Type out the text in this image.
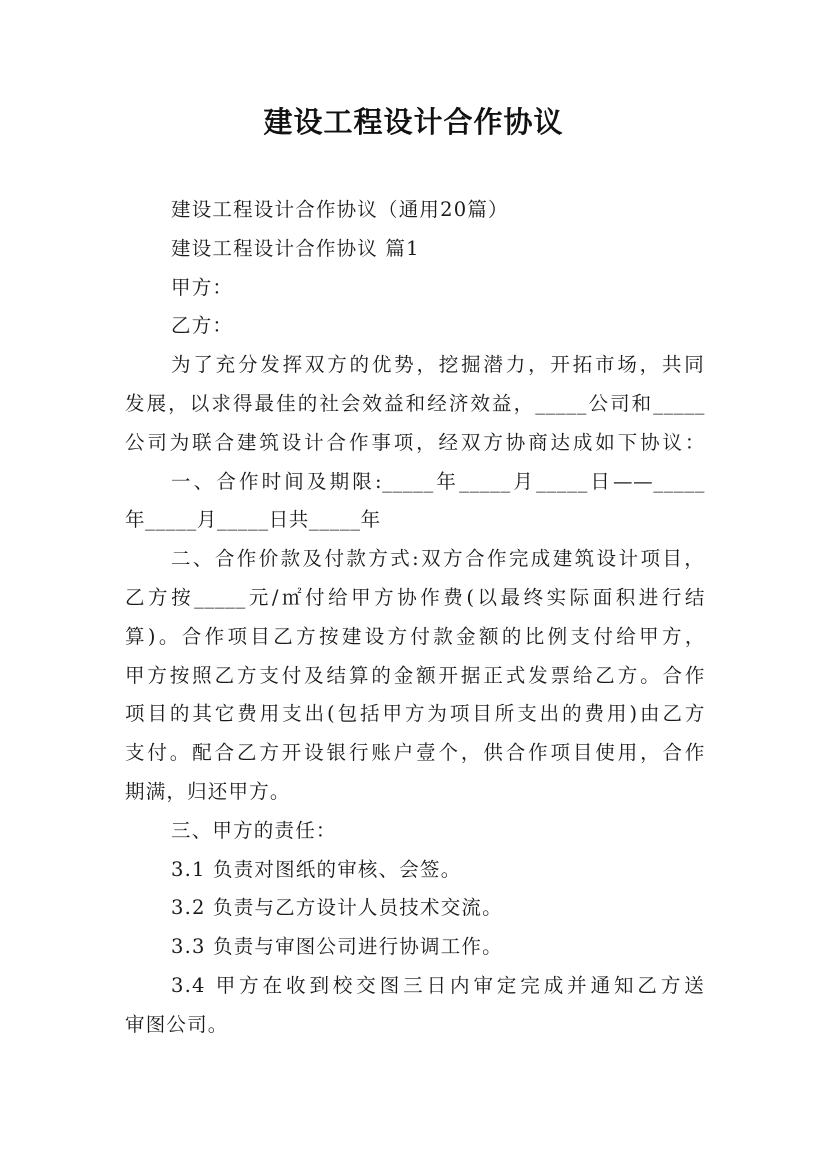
建设工程设计合作协议
建设工程设计合作协议（通用20篇）
建设工程设计合作协议 篇1
甲方：
乙方：
为了充分发挥双方的优势，挖掘潜力，开拓市场，共同
发展，以求得最佳的社会效益和经济效益，_____公司和_____
公司为联合建筑设计合作事项，经双方协商达成如下协议：
一、合作时间及期限:_____年_____月_____日——_____
年_____月_____日共_____年
二、合作价款及付款方式:双方合作完成建筑设计项目，
乙方按_____元/㎡付给甲方协作费(以最终实际面积进行结
算)。合作项目乙方按建设方付款金额的比例支付给甲方，
甲方按照乙方支付及结算的金额开据正式发票给乙方。合作
项目的其它费用支出(包括甲方为项目所支出的费用)由乙方
支付。配合乙方开设银行账户壹个，供合作项目使用，合作
期满，归还甲方。
三、甲方的责任：
3.1 负责对图纸的审核、会签。
3.2 负责与乙方设计人员技术交流。
3.3 负责与审图公司进行协调工作。
3.4 甲方在收到校交图三日内审定完成并通知乙方送
审图公司。
